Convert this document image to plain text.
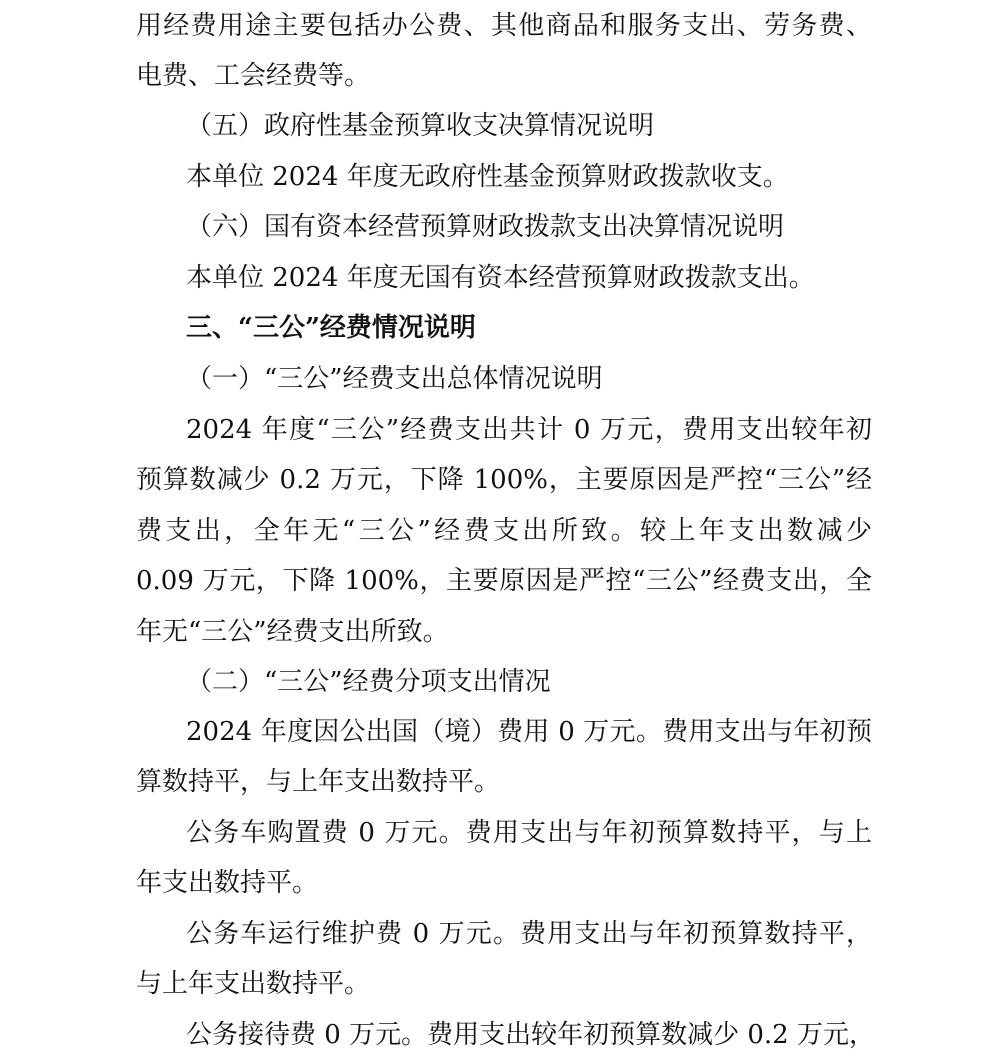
用经费用途主要包括办公费、其他商品和服务支出、劳务费、
电费、工会经费等。
（五）政府性基金预算收支决算情况说明
本单位 2024 年度无政府性基金预算财政拨款收支。
（六）国有资本经营预算财政拨款支出决算情况说明
本单位 2024 年度无国有资本经营预算财政拨款支出。
三、“三公”经费情况说明
（一）“三公”经费支出总体情况说明
2024 年度“三公”经费支出共计 0 万元，费用支出较年初
预算数减少 0.2 万元，下降 100%，主要原因是严控“三公”经
费支出，全年无“三公”经费支出所致。较上年支出数减少
0.09 万元，下降 100%，主要原因是严控“三公”经费支出，全
年无“三公”经费支出所致。
（二）“三公”经费分项支出情况
2024 年度因公出国（境）费用 0 万元。费用支出与年初预
算数持平，与上年支出数持平。
公务车购置费 0 万元。费用支出与年初预算数持平，与上
年支出数持平。
公务车运行维护费 0 万元。费用支出与年初预算数持平，
与上年支出数持平。
公务接待费 0 万元。费用支出较年初预算数减少 0.2 万元，
